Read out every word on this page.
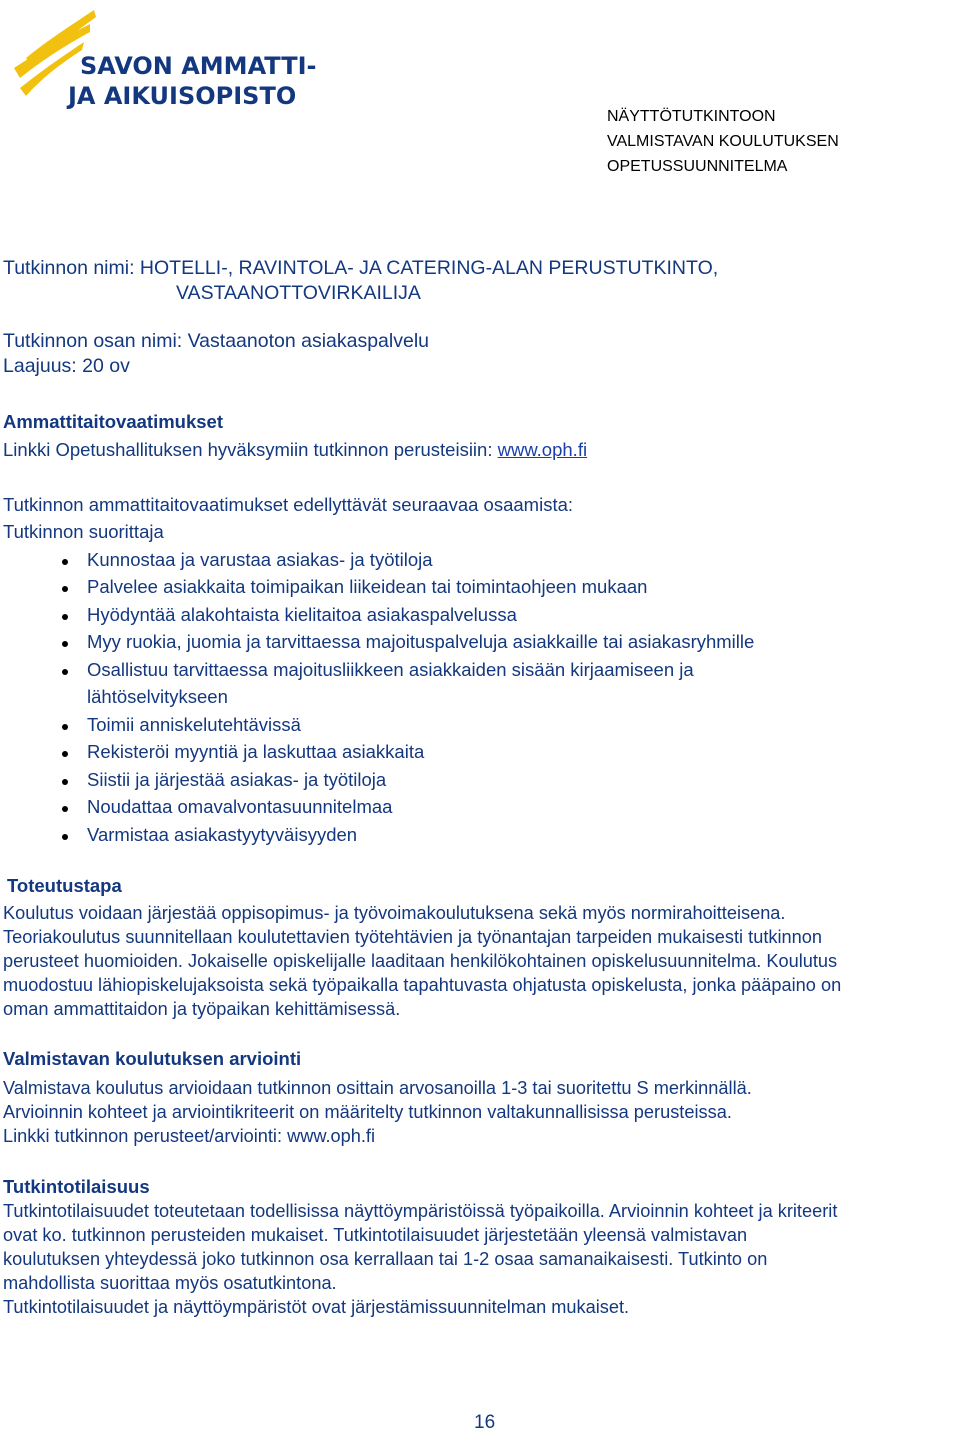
SAVON AMMATTI-
JA AIKUISOPISTO
NÄYTTÖTUTKINTOON
VALMISTAVAN KOULUTUKSEN
OPETUSSUUNNITELMA
Tutkinnon nimi: HOTELLI-, RAVINTOLA- JA CATERING-ALAN PERUSTUTKINTO,
VASTAANOTTOVIRKAILIJA
Tutkinnon osan nimi: Vastaanoton asiakaspalvelu
Laajuus: 20 ov
Ammattitaitovaatimukset
Linkki Opetushallituksen hyväksymiin tutkinnon perusteisiin: www.oph.fi
Tutkinnon ammattitaitovaatimukset edellyttävät seuraavaa osaamista:
Tutkinnon suorittaja
Kunnostaa ja varustaa asiakas- ja työtiloja
Palvelee asiakkaita toimipaikan liikeidean tai toimintaohjeen mukaan
Hyödyntää alakohtaista kielitaitoa asiakaspalvelussa
Myy ruokia, juomia ja tarvittaessa majoituspalveluja asiakkaille tai asiakasryhmille
Osallistuu tarvittaessa majoitusliikkeen asiakkaiden sisään kirjaamiseen ja
lähtöselvitykseen
Toimii anniskelutehtävissä
Rekisteröi myyntiä ja laskuttaa asiakkaita
Siistii ja järjestää asiakas- ja työtiloja
Noudattaa omavalvontasuunnitelmaa
Varmistaa asiakastyytyväisyyden
Toteutustapa
Koulutus voidaan järjestää oppisopimus- ja työvoimakoulutuksena sekä myös normirahoitteisena.
Teoriakoulutus suunnitellaan koulutettavien työtehtävien ja työnantajan tarpeiden mukaisesti tutkinnon
perusteet huomioiden. Jokaiselle opiskelijalle laaditaan henkilökohtainen opiskelusuunnitelma. Koulutus
muodostuu lähiopiskelujaksoista sekä työpaikalla tapahtuvasta ohjatusta opiskelusta, jonka pääpaino on
oman ammattitaidon ja työpaikan kehittämisessä.
Valmistavan koulutuksen arviointi
Valmistava koulutus arvioidaan tutkinnon osittain arvosanoilla 1-3 tai suoritettu S merkinnällä.
Arvioinnin kohteet ja arviointikriteerit on määritelty tutkinnon valtakunnallisissa perusteissa.
Linkki tutkinnon perusteet/arviointi: www.oph.fi
Tutkintotilaisuus
Tutkintotilaisuudet toteutetaan todellisissa näyttöympäristöissä työpaikoilla. Arvioinnin kohteet ja kriteerit
ovat ko. tutkinnon perusteiden mukaiset. Tutkintotilaisuudet järjestetään yleensä valmistavan
koulutuksen yhteydessä joko tutkinnon osa kerrallaan tai 1-2 osaa samanaikaisesti. Tutkinto on
mahdollista suorittaa myös osatutkintona.
Tutkintotilaisuudet ja näyttöympäristöt ovat järjestämissuunnitelman mukaiset.
16
